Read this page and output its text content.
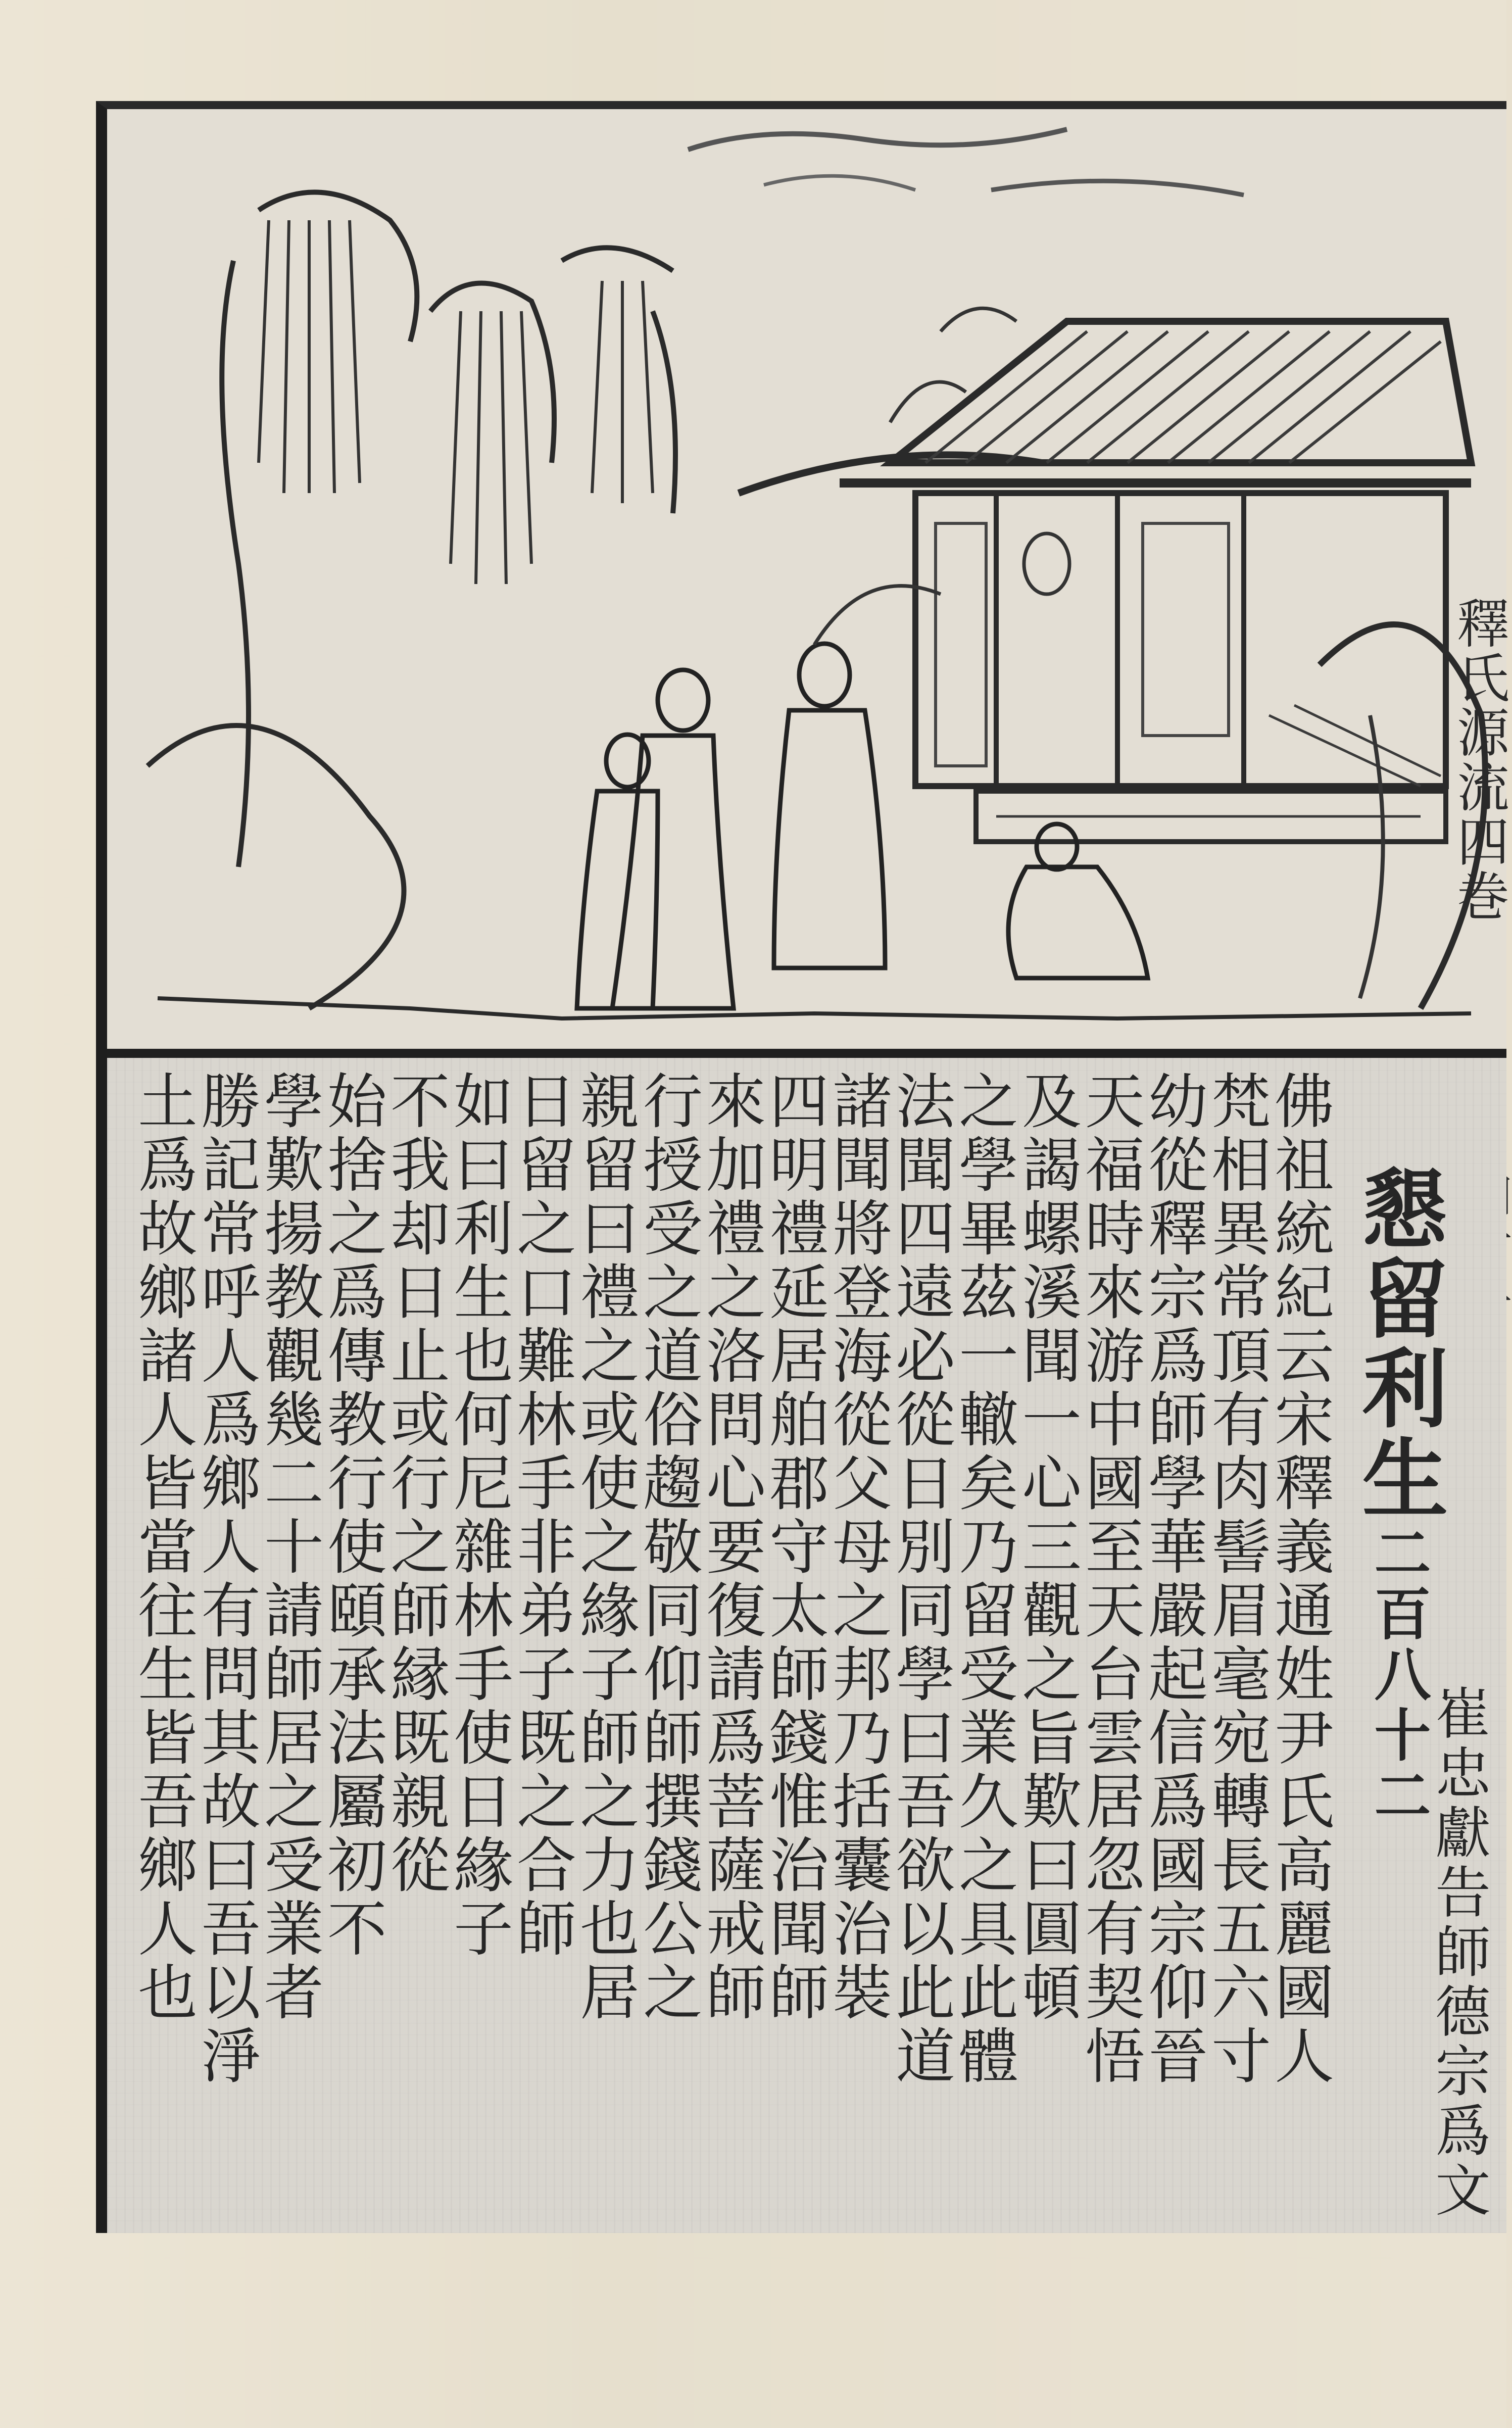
釋氏源流四巻
懇留利生二百八十二
崔忠獻告師德宗爲文
佛祖統紀云宋釋義通姓尹氏高麗國人
梵相異常頂有肉髻眉毫宛轉長五六寸
幼從釋宗爲師學華嚴起信爲國宗仰晉
天福時來游中國至天台雲居忽有契悟
及謁螺溪聞一心三觀之旨歎曰圓頓
之學畢茲一轍矣乃留受業久之具此體
法聞四遠必從日別同學曰吾欲以此道
諸聞將登海從父母之邦乃括囊治裝
四明禮延居舶郡守太師錢惟治聞師
來加禮之洛問心要復請爲菩薩戒師
行授受之道俗趨敬同仰師撰錢公之
親留曰禮之或使之緣子師之力也居
日留之口難林手非弟子既之合師
如曰利生也何尼雜林手使日緣子
不我却日止或行之師縁既親從
始捨之爲傳教行使頤承法屬初不
學歎揚教觀幾二十請師居之受業者
勝記常呼人爲鄉人有問其故曰吾以淨
土爲故鄉諸人皆當往生皆吾鄉人也
